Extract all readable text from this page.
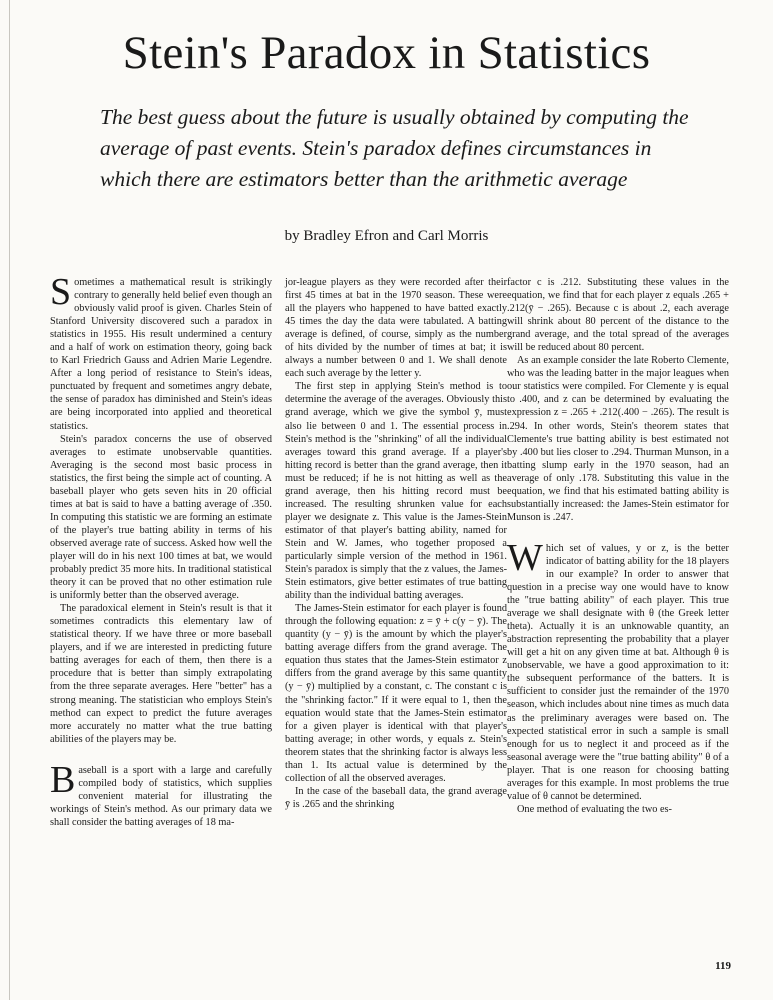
Stein's Paradox in Statistics

The best guess about the future is usually obtained by computing the average of past events. Stein's paradox defines circumstances in which there are estimators better than the arithmetic average

by Bradley Efron and Carl Morris

Sometimes a mathematical result is strikingly contrary to generally held belief even though an obviously valid proof is given. Charles Stein of Stanford University discovered such a paradox in statistics in 1955. His result undermined a century and a half of work on estimation theory, going back to Karl Friedrich Gauss and Adrien Marie Legendre. After a long period of resistance to Stein's ideas, punctuated by frequent and sometimes angry debate, the sense of paradox has diminished and Stein's ideas are being incorporated into applied and theoretical statistics.

Stein's paradox concerns the use of observed averages to estimate unobservable quantities. Averaging is the second most basic process in statistics, the first being the simple act of counting. A baseball player who gets seven hits in 20 official times at bat is said to have a batting average of .350. In computing this statistic we are forming an estimate of the player's true batting ability in terms of his observed average rate of success. Asked how well the player will do in his next 100 times at bat, we would probably predict 35 more hits. In traditional statistical theory it can be proved that no other estimation rule is uniformly better than the observed average.

The paradoxical element in Stein's result is that it sometimes contradicts this elementary law of statistical theory. If we have three or more baseball players, and if we are interested in predicting future batting averages for each of them, then there is a procedure that is better than simply extrapolating from the three separate averages. Here "better" has a strong meaning. The statistician who employs Stein's method can expect to predict the future averages more accurately no matter what the true batting abilities of the players may be.

Baseball is a sport with a large and carefully compiled body of statistics, which supplies convenient material for illustrating the workings of Stein's method. As our primary data we shall consider the batting averages of 18 ma-

jor-league players as they were recorded after their first 45 times at bat in the 1970 season. These were all the players who happened to have batted exactly 45 times the day the data were tabulated. A batting average is defined, of course, simply as the number of hits divided by the number of times at bat; it is always a number between 0 and 1. We shall denote each such average by the letter y.

The first step in applying Stein's method is to determine the average of the averages. Obviously this grand average, which we give the symbol ȳ, must also lie between 0 and 1. The essential process in Stein's method is the "shrinking" of all the individual averages toward this grand average. If a player's hitting record is better than the grand average, then it must be reduced; if he is not hitting as well as the grand average, then his hitting record must be increased. The resulting shrunken value for each player we designate z. This value is the James-Stein estimator of that player's batting ability, named for Stein and W. James, who together proposed a particularly simple version of the method in 1961. Stein's paradox is simply that the z values, the James-Stein estimators, give better estimates of true batting ability than the individual batting averages.

The James-Stein estimator for each player is found through the following equation: z = ȳ + c(y − ȳ). The quantity (y − ȳ) is the amount by which the player's batting average differs from the grand average. The equation thus states that the James-Stein estimator z differs from the grand average by this same quantity (y − ȳ) multiplied by a constant, c. The constant c is the "shrinking factor." If it were equal to 1, then the equation would state that the James-Stein estimator for a given player is identical with that player's batting average; in other words, y equals z. Stein's theorem states that the shrinking factor is always less than 1. Its actual value is determined by the collection of all the observed averages.

In the case of the baseball data, the grand average ȳ is .265 and the shrinking

factor c is .212. Substituting these values in the equation, we find that for each player z equals .265 + .212(ȳ − .265). Because c is about .2, each average will shrink about 80 percent of the distance to the grand average, and the total spread of the averages will be reduced about 80 percent.

As an example consider the late Roberto Clemente, who was the leading batter in the major leagues when our statistics were compiled. For Clemente y is equal to .400, and z can be determined by evaluating the expression z = .265 + .212(.400 − .265). The result is .294. In other words, Stein's theorem states that Clemente's true batting ability is best estimated not by .400 but lies closer to .294. Thurman Munson, in a batting slump early in the 1970 season, had an average of only .178. Substituting this value in the equation, we find that his estimated batting ability is substantially increased: the James-Stein estimator for Munson is .247.

Which set of values, y or z, is the better indicator of batting ability for the 18 players in our example? In order to answer that question in a precise way one would have to know the "true batting ability" of each player. This true average we shall designate with θ (the Greek letter theta). Actually it is an unknowable quantity, an abstraction representing the probability that a player will get a hit on any given time at bat. Although θ is unobservable, we have a good approximation to it: the subsequent performance of the batters. It is sufficient to consider just the remainder of the 1970 season, which includes about nine times as much data as the preliminary averages were based on. The expected statistical error in such a sample is small enough for us to neglect it and proceed as if the seasonal average were the "true batting ability" θ of a player. That is one reason for choosing batting averages for this example. In most problems the true value of θ cannot be determined.

One method of evaluating the two es-

119
